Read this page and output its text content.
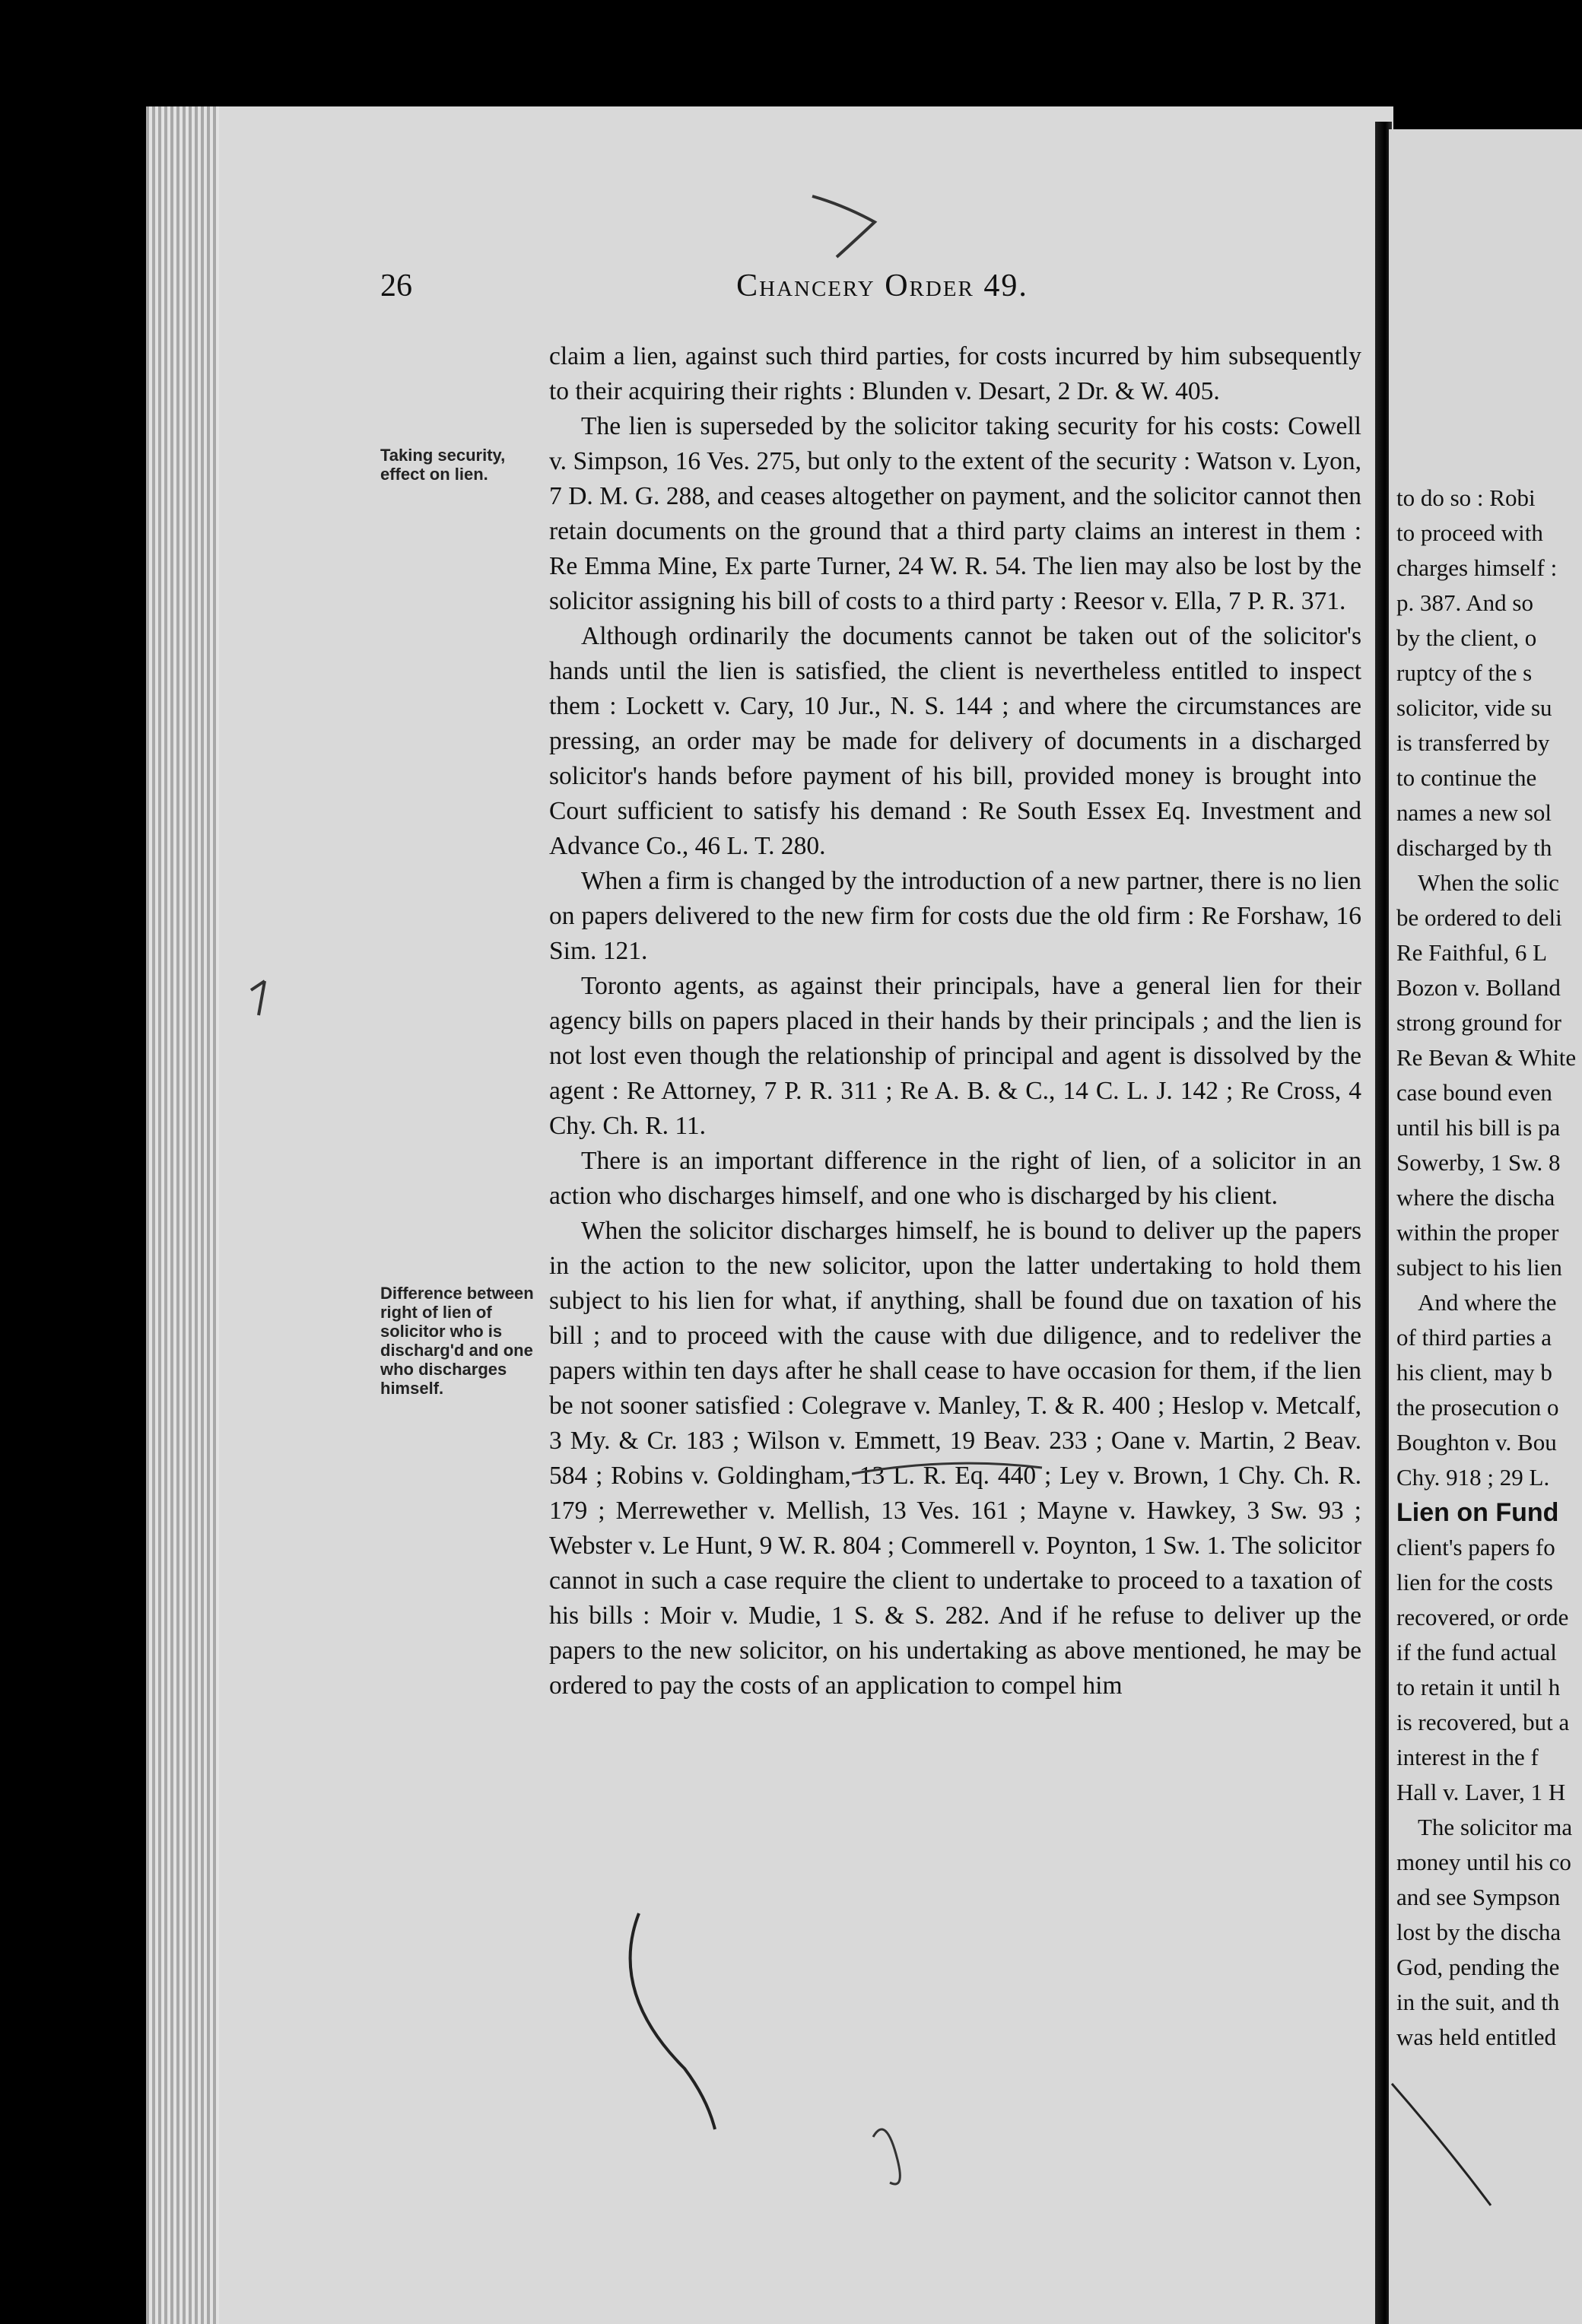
to do so : Robi
to proceed with
charges himself :
p. 387. And so
by the client, o
ruptcy of the s
solicitor, vide su
is transferred by
to continue the
names a new sol
discharged by th
When the solic
be ordered to deli
Re Faithful, 6 L
Bozon v. Bolland
strong ground for
Re Bevan & White
case bound even
until his bill is pa
Sowerby, 1 Sw. 8
where the discha
within the proper
subject to his lien
And where the
of third parties a
his client, may b
the prosecution o
Boughton v. Bou
Chy. 918 ; 29 L.
Lien on Fund
client's papers fo
lien for the costs
recovered, or orde
if the fund actual
to retain it until h
is recovered, but a
interest in the f
Hall v. Laver, 1 H
The solicitor ma
money until his co
and see Sympson
lost by the discha
God, pending the
in the suit, and th
was held entitled
26	Chancery Order 49.
Taking security, effect on lien.
Difference between right of lien of solicitor who is discharg'd and one who discharges himself.

claim a lien, against such third parties, for costs incurred by him subsequently to their acquiring their rights : Blunden v. Desart, 2 Dr. & W. 405.

The lien is superseded by the solicitor taking security for his costs: Cowell v. Simpson, 16 Ves. 275, but only to the extent of the security : Watson v. Lyon, 7 D. M. G. 288, and ceases altogether on payment, and the solicitor cannot then retain documents on the ground that a third party claims an interest in them : Re Emma Mine, Ex parte Turner, 24 W. R. 54. The lien may also be lost by the solicitor assigning his bill of costs to a third party : Reesor v. Ella, 7 P. R. 371.

Although ordinarily the documents cannot be taken out of the solicitor's hands until the lien is satisfied, the client is nevertheless entitled to inspect them : Lockett v. Cary, 10 Jur., N. S. 144 ; and where the circumstances are pressing, an order may be made for delivery of documents in a discharged solicitor's hands before payment of his bill, provided money is brought into Court sufficient to satisfy his demand : Re South Essex Eq. Investment and Advance Co., 46 L. T. 280.

When a firm is changed by the introduction of a new partner, there is no lien on papers delivered to the new firm for costs due the old firm : Re Forshaw, 16 Sim. 121.

Toronto agents, as against their principals, have a general lien for their agency bills on papers placed in their hands by their principals ; and the lien is not lost even though the relationship of principal and agent is dissolved by the agent : Re Attorney, 7 P. R. 311 ; Re A. B. & C., 14 C. L. J. 142 ; Re Cross, 4 Chy. Ch. R. 11.

There is an important difference in the right of lien, of a solicitor in an action who discharges himself, and one who is discharged by his client.

When the solicitor discharges himself, he is bound to deliver up the papers in the action to the new solicitor, upon the latter undertaking to hold them subject to his lien for what, if anything, shall be found due on taxation of his bill ; and to proceed with the cause with due diligence, and to redeliver the papers within ten days after he shall cease to have occasion for them, if the lien be not sooner satisfied : Colegrave v. Manley, T. & R. 400 ; Heslop v. Metcalf, 3 My. & Cr. 183 ; Wilson v. Emmett, 19 Beav. 233 ; Oane v. Martin, 2 Beav. 584 ; Robins v. Goldingham, 13 L. R. Eq. 440 ; Ley v. Brown, 1 Chy. Ch. R. 179 ; Merrewether v. Mellish, 13 Ves. 161 ; Mayne v. Hawkey, 3 Sw. 93 ; Webster v. Le Hunt, 9 W. R. 804 ; Commerell v. Poynton, 1 Sw. 1. The solicitor cannot in such a case require the client to undertake to proceed to a taxation of his bills : Moir v. Mudie, 1 S. & S. 282. And if he refuse to deliver up the papers to the new solicitor, on his undertaking as above mentioned, he may be ordered to pay the costs of an application to compel him
